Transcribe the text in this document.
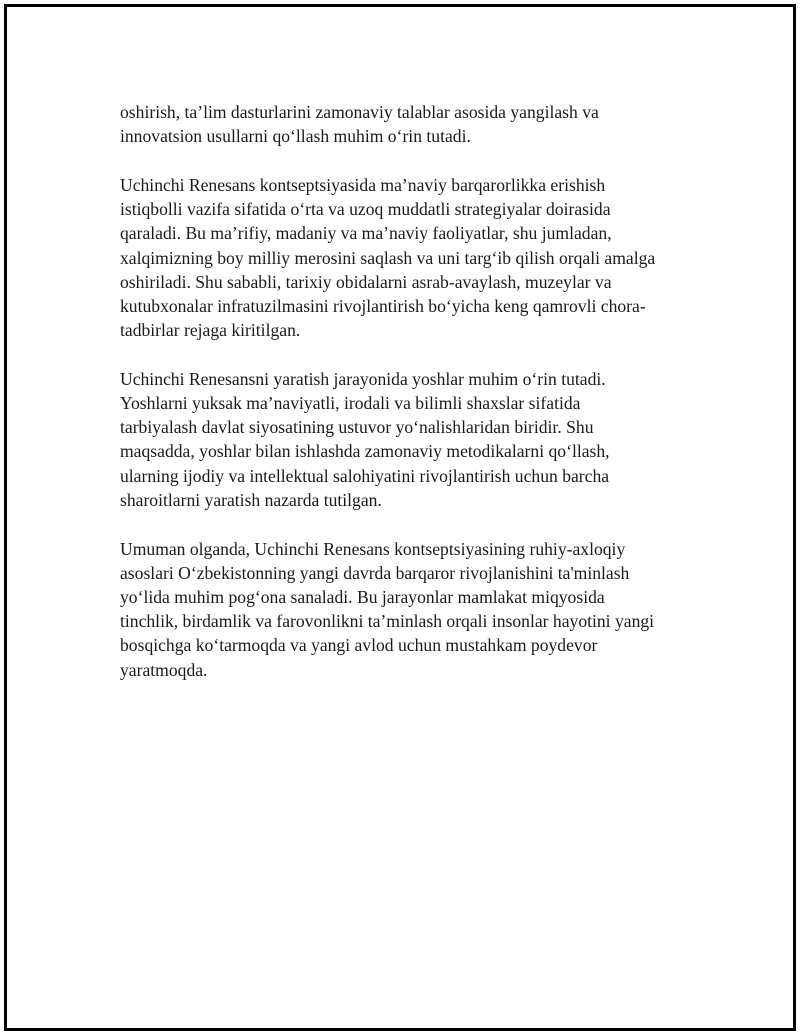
oshirish, ta’lim dasturlarini zamonaviy talablar asosida yangilash va
innovatsion usullarni qo‘llash muhim o‘rin tutadi.

Uchinchi Renesans kontseptsiyasida ma’naviy barqarorlikka erishish
istiqbolli vazifa sifatida o‘rta va uzoq muddatli strategiyalar doirasida
qaraladi. Bu ma’rifiy, madaniy va ma’naviy faoliyatlar, shu jumladan,
xalqimizning boy milliy merosini saqlash va uni targ‘ib qilish orqali amalga
oshiriladi. Shu sababli, tarixiy obidalarni asrab-avaylash, muzeylar va
kutubxonalar infratuzilmasini rivojlantirish bo‘yicha keng qamrovli chora-
tadbirlar rejaga kiritilgan.

Uchinchi Renesansni yaratish jarayonida yoshlar muhim o‘rin tutadi.
Yoshlarni yuksak ma’naviyatli, irodali va bilimli shaxslar sifatida
tarbiyalash davlat siyosatining ustuvor yo‘nalishlaridan biridir. Shu
maqsadda, yoshlar bilan ishlashda zamonaviy metodikalarni qo‘llash,
ularning ijodiy va intellektual salohiyatini rivojlantirish uchun barcha
sharoitlarni yaratish nazarda tutilgan.

Umuman olganda, Uchinchi Renesans kontseptsiyasining ruhiy-axloqiy
asoslari O‘zbekistonning yangi davrda barqaror rivojlanishini ta'minlash
yo‘lida muhim pog‘ona sanaladi. Bu jarayonlar mamlakat miqyosida
tinchlik, birdamlik va farovonlikni ta’minlash orqali insonlar hayotini yangi
bosqichga ko‘tarmoqda va yangi avlod uchun mustahkam poydevor
yaratmoqda.
